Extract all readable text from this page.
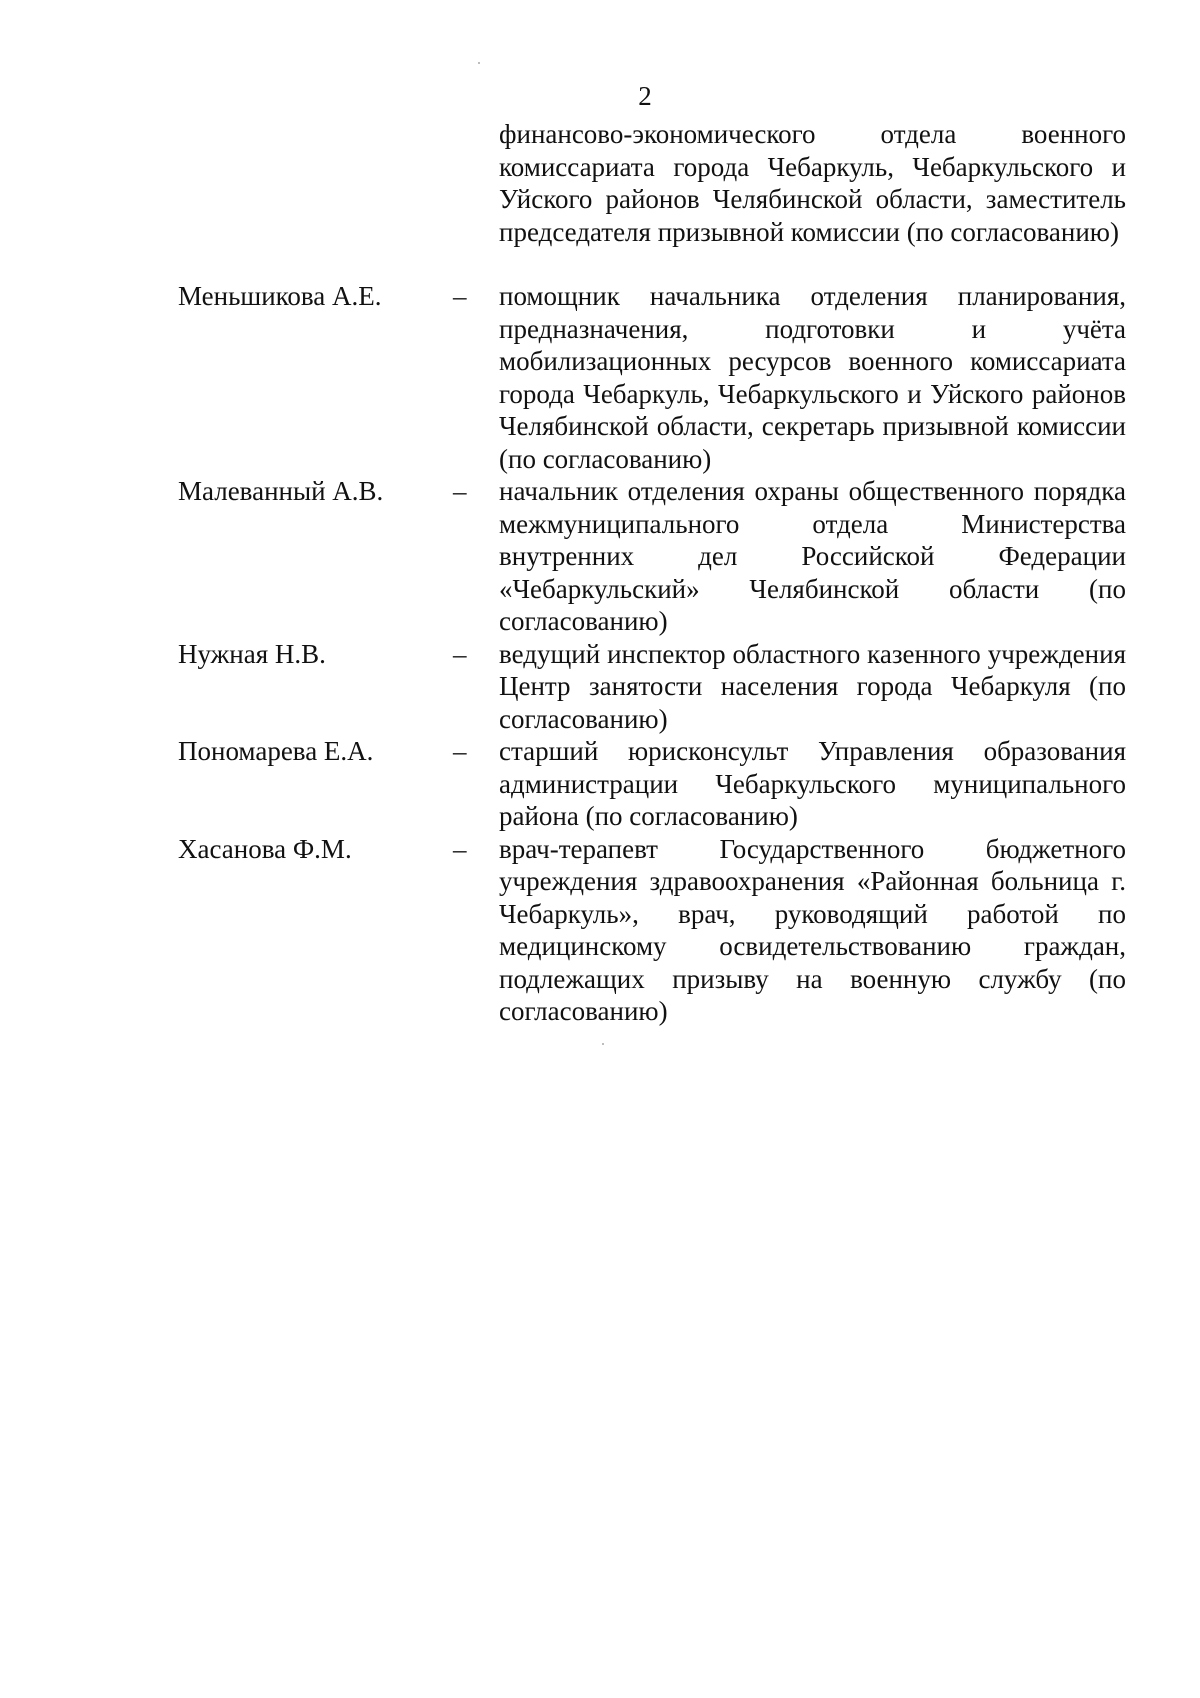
2
финансово-экономического отдела военного комиссариата города Чебаркуль, Чебаркульского и Уйского районов Челябинской области, заместитель председателя призывной комиссии (по согласованию)
Меньшикова А.Е.	–	помощник начальника отделения планирования, предназначения, подготовки и учёта мобилизационных ресурсов военного комиссариата города Чебаркуль, Чебаркульского и Уйского районов Челябинской области, секретарь призывной комиссии (по согласованию)
Малеванный А.В.	–	начальник отделения охраны общественного порядка межмуниципального отдела Министерства внутренних дел Российской Федерации «Чебаркульский» Челябинской области (по согласованию)
Нужная Н.В.	–	ведущий инспектор областного казенного учреждения Центр занятости населения города Чебаркуля (по согласованию)
Пономарева Е.А.	–	старший юрисконсульт Управления образования администрации Чебаркульского муниципального района (по согласованию)
Хасанова Ф.М.	–	врач-терапевт Государственного бюджетного учреждения здравоохранения «Районная больница г. Чебаркуль», врач, руководящий работой по медицинскому освидетельствованию граждан, подлежащих призыву на военную службу (по согласованию)
